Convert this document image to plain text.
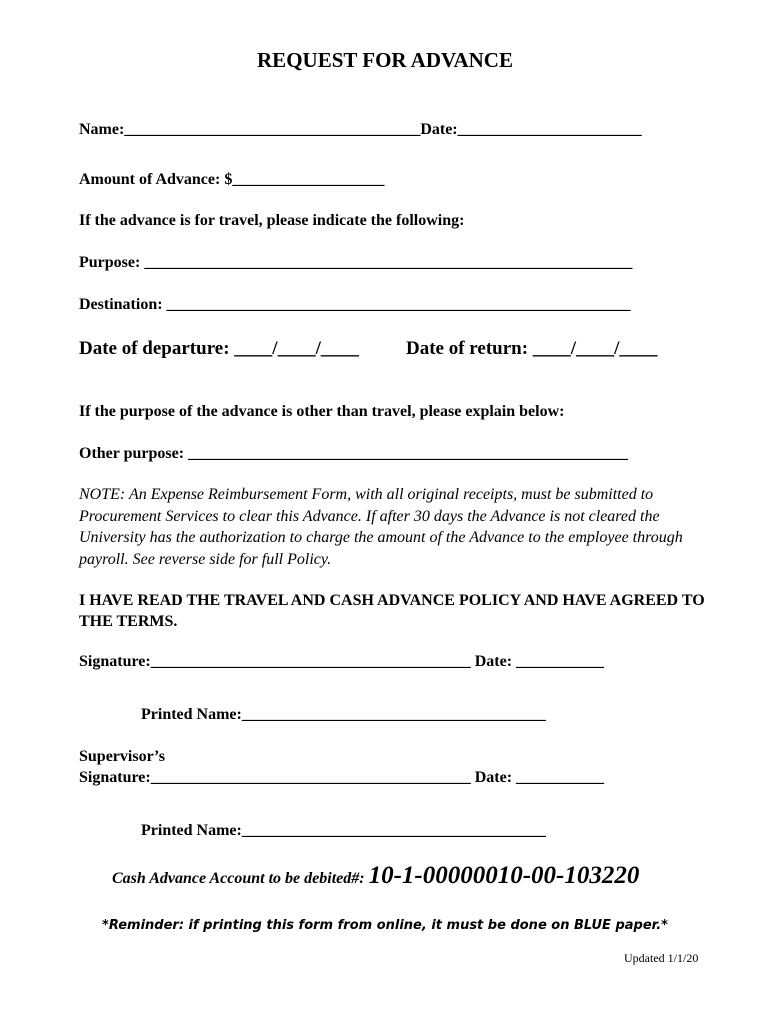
REQUEST FOR ADVANCE
Name:_____________________________________Date:_______________________
Amount of Advance: $___________________
If the advance is for travel, please indicate the following:
Purpose: _____________________________________________________________
Destination: __________________________________________________________
Date of departure: ____/____/____ Date of return: ____/____/____
If the purpose of the advance is other than travel, please explain below:
Other purpose: _______________________________________________________
NOTE: An Expense Reimbursement Form, with all original receipts, must be submitted to Procurement Services to clear this Advance. If after 30 days the Advance is not cleared the University has the authorization to charge the amount of the Advance to the employee through payroll. See reverse side for full Policy.
I HAVE READ THE TRAVEL AND CASH ADVANCE POLICY AND HAVE AGREED TO THE TERMS.
Signature:________________________________________ Date: ___________
Printed Name:______________________________________
Supervisor’s
Signature:________________________________________ Date: ___________
Printed Name:______________________________________
Cash Advance Account to be debited#: 10-1-00000010-00-103220
*Reminder: if printing this form from online, it must be done on BLUE paper.*
Updated 1/1/20
